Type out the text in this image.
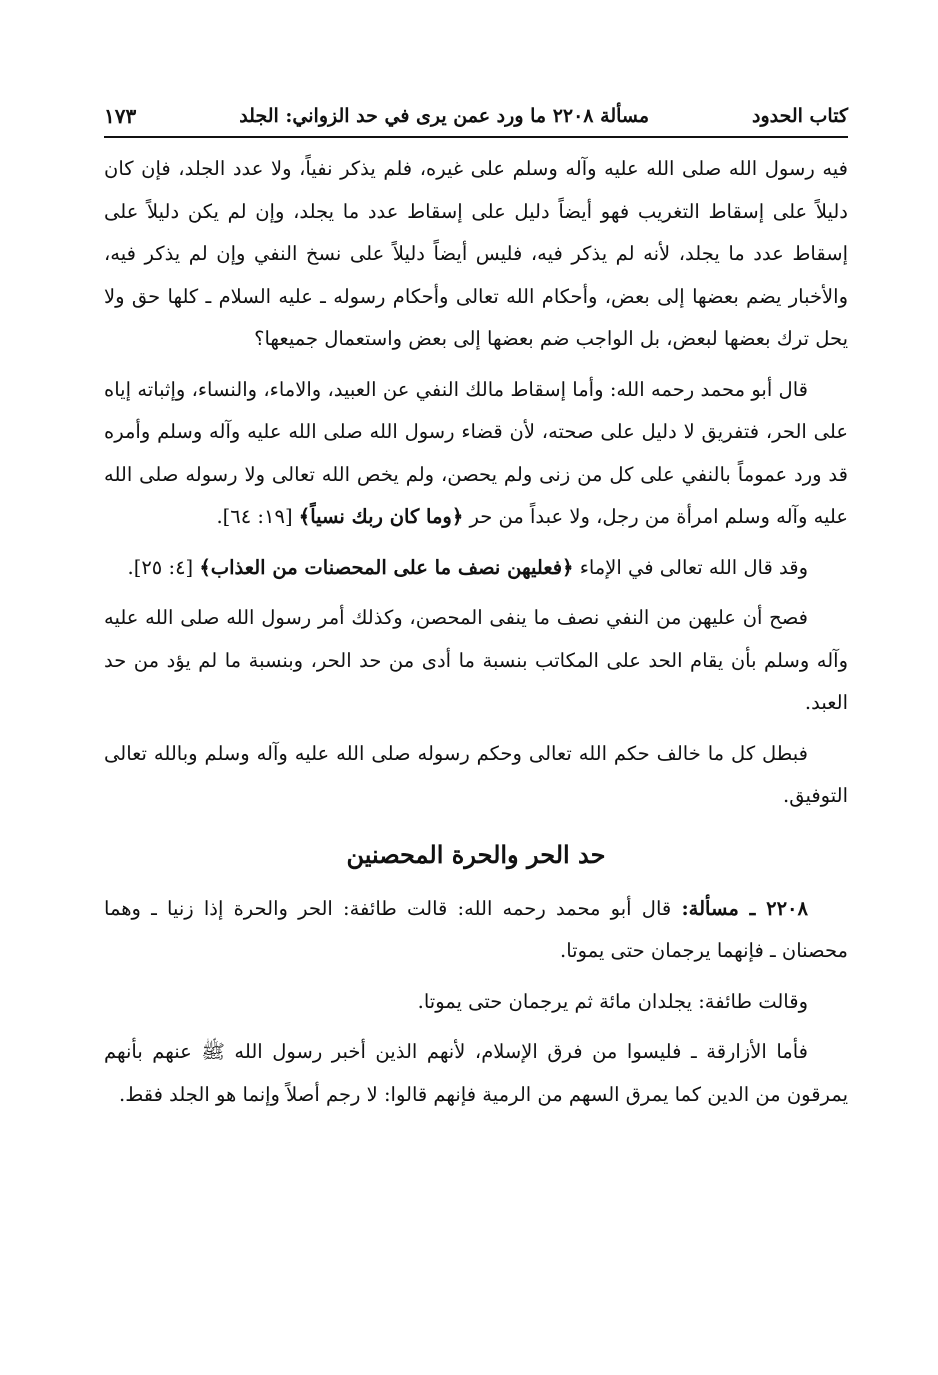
كتاب الحدود
مسألة ٢٢٠٨ ما ورد عمن يرى في حد الزواني: الجلد
١٧٣

فيه رسول الله صلى الله عليه وآله وسلم على غيره، فلم يذكر نفياً، ولا عدد الجلد، فإن كان دليلاً على إسقاط التغريب فهو أيضاً دليل على إسقاط عدد ما يجلد، وإن لم يكن دليلاً على إسقاط عدد ما يجلد، لأنه لم يذكر فيه، فليس أيضاً دليلاً على نسخ النفي وإن لم يذكر فيه، والأخبار يضم بعضها إلى بعض، وأحكام الله تعالى وأحكام رسوله ـ عليه السلام ـ كلها حق ولا يحل ترك بعضها لبعض، بل الواجب ضم بعضها إلى بعض واستعمال جميعها؟

قال أبو محمد رحمه الله: وأما إسقاط مالك النفي عن العبيد، والاماء، والنساء، وإثباته إياه على الحر، فتفريق لا دليل على صحته، لأن قضاء رسول الله صلى الله عليه وآله وسلم وأمره قد ورد عموماً بالنفي على كل من زنى ولم يحصن، ولم يخص الله تعالى ولا رسوله صلى الله عليه وآله وسلم امرأة من رجل، ولا عبداً من حر ﴿وما كان ربك نسياً﴾ [١٩: ٦٤].

وقد قال الله تعالى في الإماء ﴿فعليهن نصف ما على المحصنات من العذاب﴾ [٤: ٢٥].

فصح أن عليهن من النفي نصف ما ينفى المحصن، وكذلك أمر رسول الله صلى الله عليه وآله وسلم بأن يقام الحد على المكاتب بنسبة ما أدى من حد الحر، وبنسبة ما لم يؤد من حد العبد.

فبطل كل ما خالف حكم الله تعالى وحكم رسوله صلى الله عليه وآله وسلم وبالله تعالى التوفيق.

حد الحر والحرة المحصنين

٢٢٠٨ ـ مسألة: قال أبو محمد رحمه الله: قالت طائفة: الحر والحرة إذا زنيا ـ وهما محصنان ـ فإنهما يرجمان حتى يموتا.

وقالت طائفة: يجلدان مائة ثم يرجمان حتى يموتا.

فأما الأزارقة ـ فليسوا من فرق الإسلام، لأنهم الذين أخبر رسول الله ﷺ عنهم بأنهم يمرقون من الدين كما يمرق السهم من الرمية فإنهم قالوا: لا رجم أصلاً وإنما هو الجلد فقط.
